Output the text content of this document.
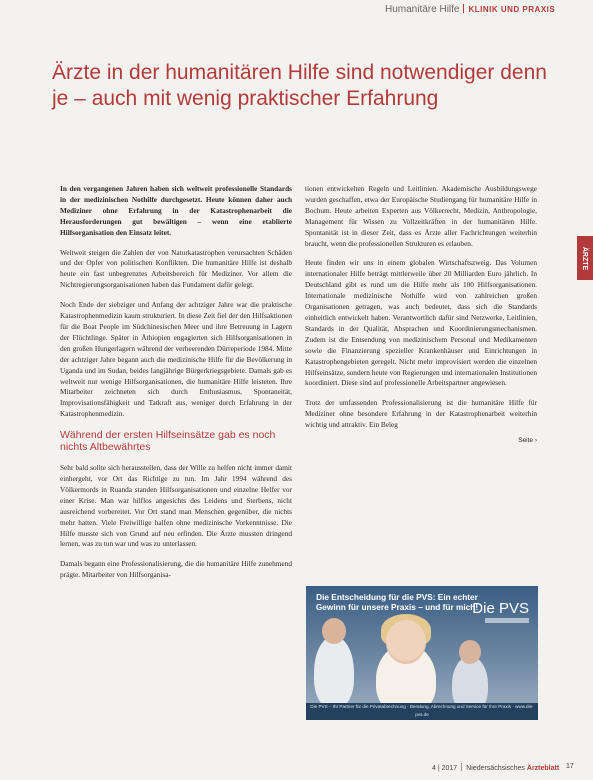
Humanitäre Hilfe KLINIK UND PRAXIS
Ärzte in der humanitären Hilfe sind notwendiger denn je – auch mit wenig praktischer Erfahrung
ÄRZTE

In den vergangenen Jahren haben sich weltweit professionelle Standards in der medizinischen Nothilfe durchgesetzt. Heute können daher auch Mediziner ohne Erfahrung in der Katastrophenarbeit die Herausforderungen gut bewältigen – wenn eine etablierte Hilfsorganisation den Einsatz leitet.

Weltweit steigen die Zahlen der von Naturkatastrophen verursachten Schäden und der Opfer von politischen Konflikten. Die humanitäre Hilfe ist deshalb heute ein fast unbegrenztes Arbeitsbereich für Mediziner. Vor allem die Nichtregierungsorganisationen haben das Fundament dafür gelegt.

Noch Ende der siebziger und Anfang der achtziger Jahre war die praktische Katastrophenmedizin kaum strukturiert. In diese Zeit fiel der den Hilfsaktionen für die Boat People im Südchinesischen Meer und ihre Betreuung in Lagern der Flüchtlinge. Später in Äthiopien engagierten sich Hilfsorganisationen in den großen Hungerlagern während der verheerenden Dürreperiode 1984. Mitte der achtziger Jahre begann auch die medizinische Hilfe für die Bevölkerung in Uganda und im Sudan, beides langjährige Bürgerkriegsgebiete. Damals gab es weltweit nur wenige Hilfsorganisationen, die humanitäre Hilfe leisteten. Ihre Mitarbeiter zeichneten sich durch Enthusiasmus, Spontaneität, Improvisationsfähigkeit und Tatkraft aus, weniger durch Erfahrung in der Katastrophenmedizin.

Während der ersten Hilfseinsätze gab es noch nichts Altbewährtes

Sehr bald sollte sich herausstellen, dass der Wille zu helfen nicht immer damit einhergeht, vor Ort das Richtige zu tun. Im Jahr 1994 während des Völkermords in Ruanda standen Hilfsorganisationen und einzelne Helfer vor einer Krise. Man war hilflos angesichts des Leidens und Sterbens, nicht ausreichend vorbereitet. Vor Ort stand man Menschen gegenüber, die nichts mehr hatten. Viele Freiwillige halfen ohne medizinische Vorkenntnisse. Die Hilfe musste sich von Grund auf neu erfinden. Die Ärzte mussten dringend lernen, was zu tun war und was zu unterlassen.

Damals begann eine Professionalisierung, die die humanitäre Hilfe zunehmend prägte. Mitarbeiter von Hilfsorganisa-

tionen entwickelten Regeln und Leitlinien. Akademische Ausbildungswege wurden geschaffen, etwa der Europäische Studiengang für humanitäre Hilfe in Bochum. Heute arbeiten Experten aus Völkerrecht, Medizin, Anthropologie, Management für Wissen zu Vollzeitkräften in der humanitären Hilfe. Spontanität ist in dieser Zeit, dass es Ärzte aller Fachrichtungen weiterhin braucht, wenn die professionellen Strukturen es erlauben.

Heute finden wir uns in einem globalen Wirtschaftszweig. Das Volumen internationaler Hilfe beträgt mittlerweile über 20 Milliarden Euro jährlich. In Deutschland gibt es rund um die Hilfe mehr als 100 Hilfsorganisationen. Internationale medizinische Nothilfe wird von zahlreichen großen Organisationen getragen, was auch bedeutet, dass sich die Standards einheitlich entwickelt haben. Verantwortlich dafür sind Netzwerke, Leitlinien, Standards in der Qualität, Absprachen und Koordinierungsmechanismen. Zudem ist die Entsendung von medizinischem Personal und Medikamenten sowie die Finanzierung spezieller Krankenhäuser und Einrichtungen in Katastrophengebieten geregelt. Nicht mehr improvisiert werden die einzelnen Hilfseinsätze, sondern heute von Regierungen und internationalen Institutionen koordiniert. Diese sind auf professionelle Arbeitspartner angewiesen.

Trotz der umfassenden Professionalisierung ist die humanitäre Hilfe für Mediziner ohne besondere Erfahrung in der Katastrophenarbeit weiterhin wichtig und attraktiv. Ein Beleg

Seite ›
Die Entscheidung für die PVS: Ein echter Gewinn für unsere Praxis – und für mich!
Die PVS
Die PVS – Ihr Partner für die Privatabrechnung · Beratung, Abrechnung und Service für Ihre Praxis · www.die-pvs.de
4 | 2017 Niedersächsisches Ärzteblatt 17
